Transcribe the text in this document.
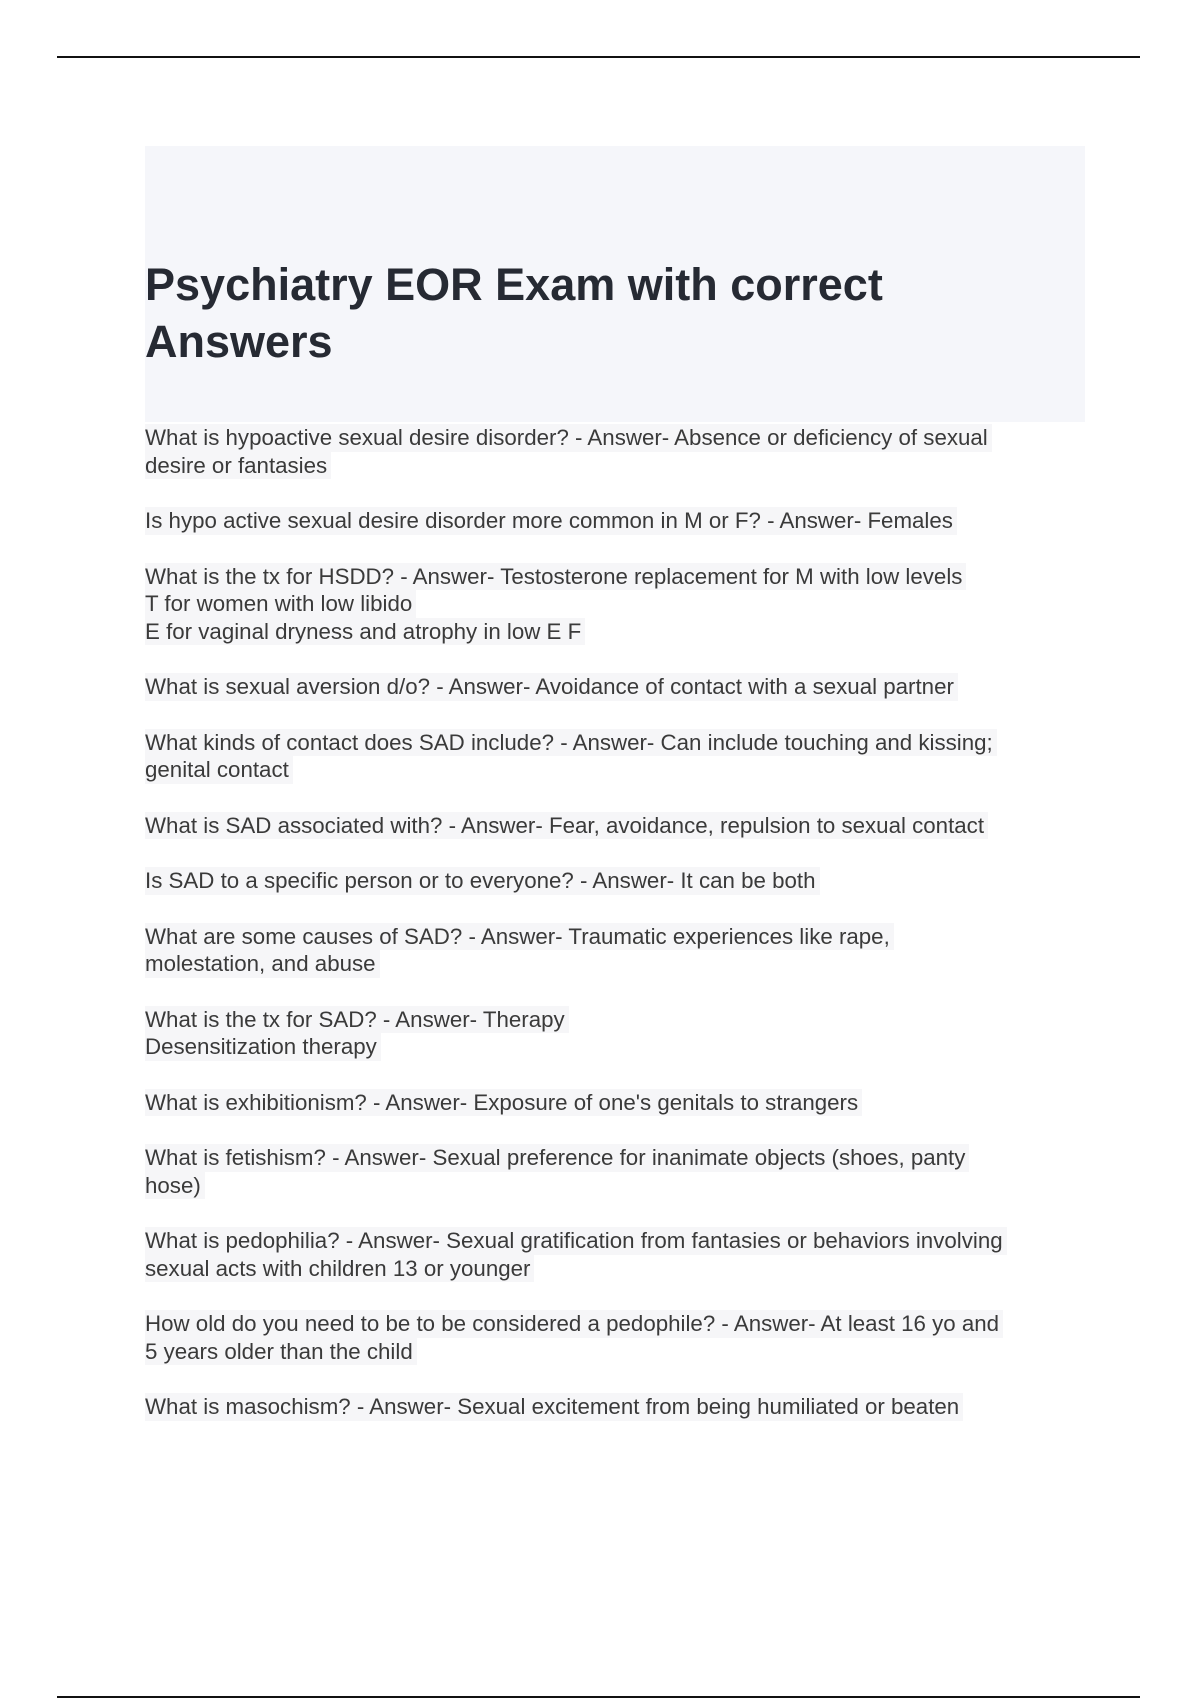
Psychiatry EOR Exam with correct
Answers
What is hypoactive sexual desire disorder? - Answer- Absence or deficiency of sexual
desire or fantasies
Is hypo active sexual desire disorder more common in M or F? - Answer- Females
What is the tx for HSDD? - Answer- Testosterone replacement for M with low levels
T for women with low libido
E for vaginal dryness and atrophy in low E F
What is sexual aversion d/o? - Answer- Avoidance of contact with a sexual partner
What kinds of contact does SAD include? - Answer- Can include touching and kissing;
genital contact
What is SAD associated with? - Answer- Fear, avoidance, repulsion to sexual contact
Is SAD to a specific person or to everyone? - Answer- It can be both
What are some causes of SAD? - Answer- Traumatic experiences like rape,
molestation, and abuse
What is the tx for SAD? - Answer- Therapy
Desensitization therapy
What is exhibitionism? - Answer- Exposure of one's genitals to strangers
What is fetishism? - Answer- Sexual preference for inanimate objects (shoes, panty
hose)
What is pedophilia? - Answer- Sexual gratification from fantasies or behaviors involving
sexual acts with children 13 or younger
How old do you need to be to be considered a pedophile? - Answer- At least 16 yo and
5 years older than the child
What is masochism? - Answer- Sexual excitement from being humiliated or beaten
